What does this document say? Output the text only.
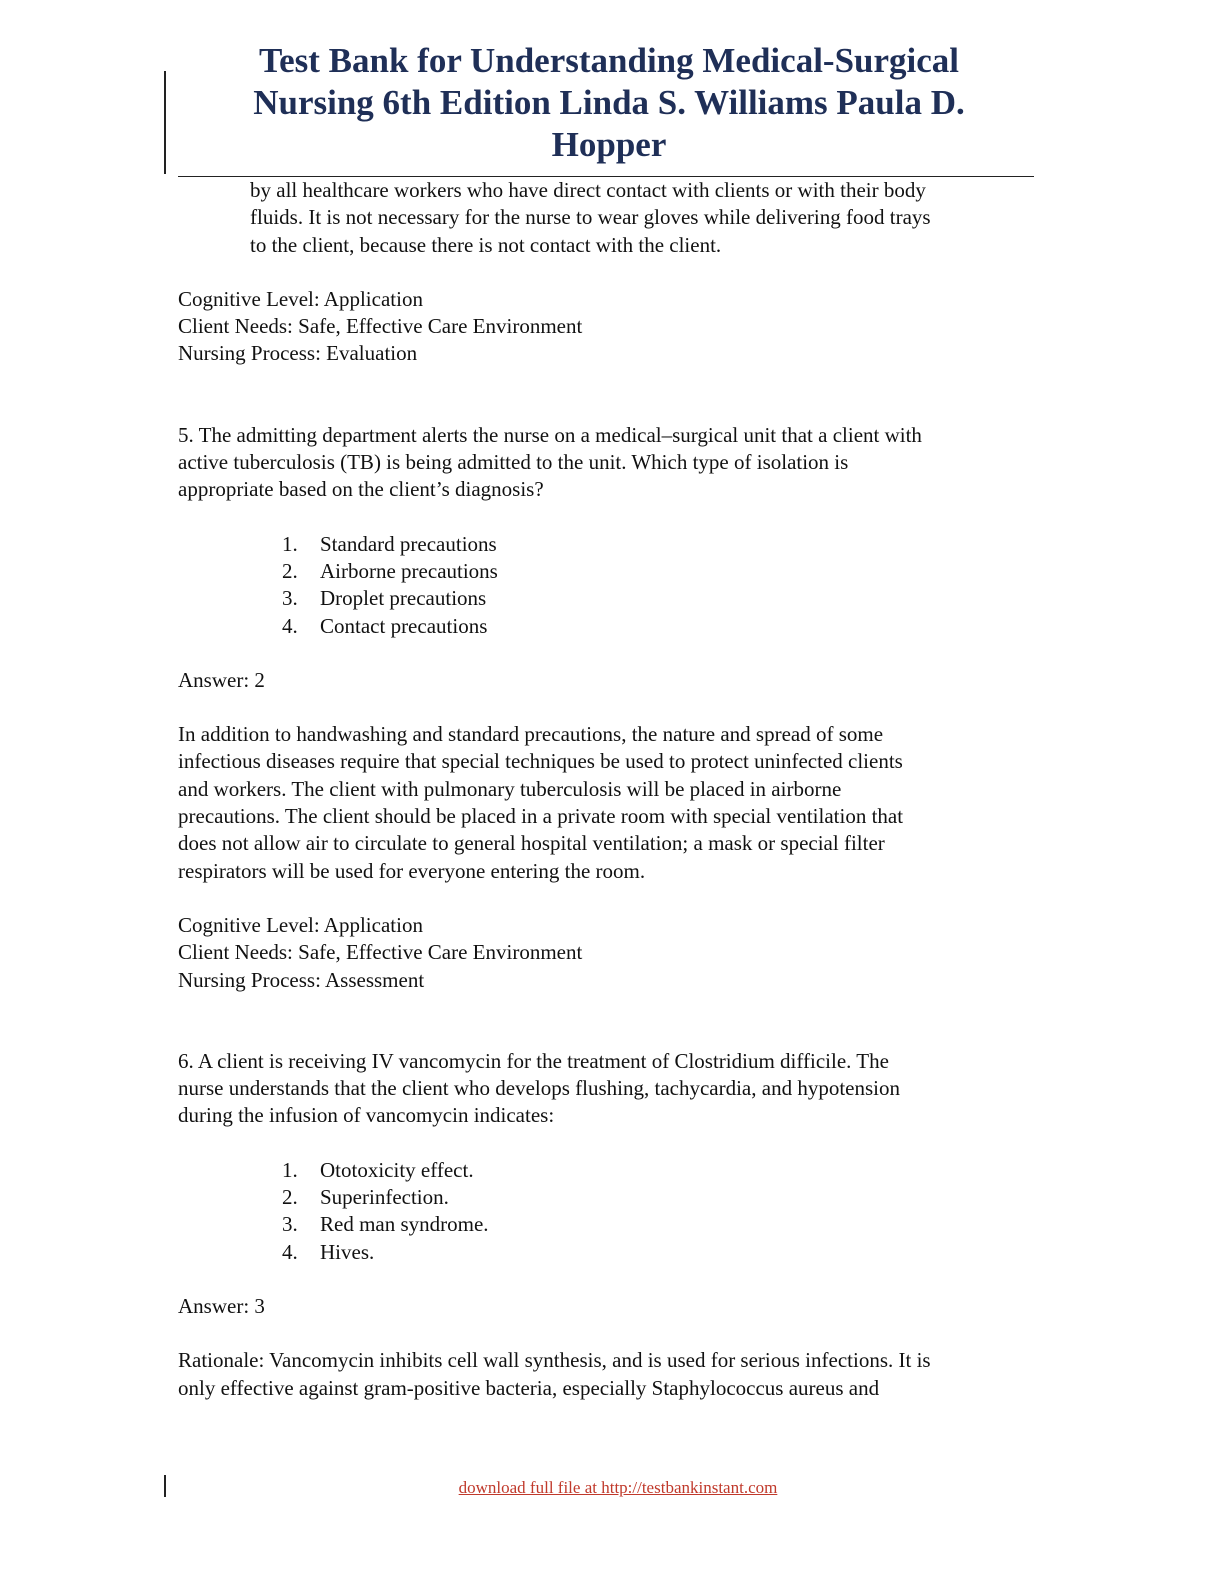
Test Bank for Understanding Medical-Surgical
Nursing 6th Edition Linda S. Williams Paula D.
Hopper
by all healthcare workers who have direct contact with clients or with their body
fluids. It is not necessary for the nurse to wear gloves while delivering food trays
to the client, because there is not contact with the client.
Cognitive Level: Application
Client Needs: Safe, Effective Care Environment
Nursing Process: Evaluation
5. The admitting department alerts the nurse on a medical–surgical unit that a client with
active tuberculosis (TB) is being admitted to the unit. Which type of isolation is
appropriate based on the client’s diagnosis?
1.	Standard precautions
2.	Airborne precautions
3.	Droplet precautions
4.	Contact precautions
Answer: 2
In addition to handwashing and standard precautions, the nature and spread of some
infectious diseases require that special techniques be used to protect uninfected clients
and workers. The client with pulmonary tuberculosis will be placed in airborne
precautions. The client should be placed in a private room with special ventilation that
does not allow air to circulate to general hospital ventilation; a mask or special filter
respirators will be used for everyone entering the room.
Cognitive Level: Application
Client Needs: Safe, Effective Care Environment
Nursing Process: Assessment
6. A client is receiving IV vancomycin for the treatment of Clostridium difficile. The
nurse understands that the client who develops flushing, tachycardia, and hypotension
during the infusion of vancomycin indicates:
1.	Ototoxicity effect.
2.	Superinfection.
3.	Red man syndrome.
4.	Hives.
Answer: 3
Rationale: Vancomycin inhibits cell wall synthesis, and is used for serious infections. It is
only effective against gram-positive bacteria, especially Staphylococcus aureus and
download full file at http://testbankinstant.com
